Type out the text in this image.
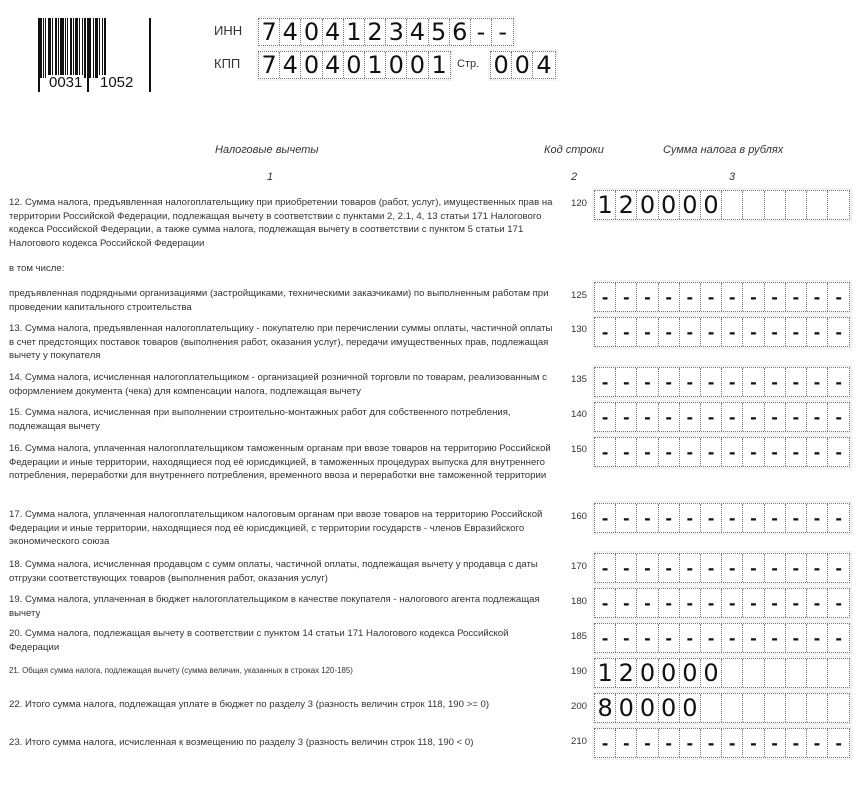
0031 1052
ИНН 7 4 0 4 1 2 3 4 5 6 - -
КПП 7 4 0 4 0 1 0 0 1 Стр. 0 0 4
Налоговые вычеты	Код строки	Сумма налога в рублях
1	2	3
в том числе:
12. Сумма налога, предъявленная налогоплательщику при приобретении товаров (работ, услуг), имущественных прав на территории Российской Федерации, подлежащая вычету в соответствии с пунктами 2, 2.1, 4, 13 статьи 171 Налогового кодекса Российской Федерации, а также сумма налога, подлежащая вычету в соответствии с пунктом 5 статьи 171 Налогового кодекса Российской Федерации
120 1 2 0 0 0 0
предъявленная подрядными организациями (застройщиками, техническими заказчиками) по выполненным работам при проведении капитального строительства
125 - - - - - - - - - - - -
13. Сумма налога, предъявленная налогоплательщику - покупателю при перечислении суммы оплаты, частичной оплаты в счет предстоящих поставок товаров (выполнения работ, оказания услуг), передачи имущественных прав, подлежащая вычету у покупателя
130 - - - - - - - - - - - -
14. Сумма налога, исчисленная налогоплательщиком - организацией розничной торговли по товарам, реализованным с оформлением документа (чека) для компенсации налога, подлежащая вычету
135 - - - - - - - - - - - -
15. Сумма налога, исчисленная при выполнении строительно-монтажных работ для собственного потребления, подлежащая вычету
140 - - - - - - - - - - - -
16. Сумма налога, уплаченная налогоплательщиком таможенным органам при ввозе товаров на территорию Российской Федерации и иные территории, находящиеся под её юрисдикцией, в таможенных процедурах выпуска для внутреннего потребления, переработки для внутреннего потребления, временного ввоза и переработки вне таможенной территории
150 - - - - - - - - - - - -
17. Сумма налога, уплаченная налогоплательщиком налоговым органам при ввозе товаров на территорию Российской Федерации и иные территории, находящиеся под её юрисдикцией, с территории государств - членов Евразийского экономического союза
160 - - - - - - - - - - - -
18. Сумма налога, исчисленная продавцом с сумм оплаты, частичной оплаты, подлежащая вычету у продавца с даты отгрузки соответствующих товаров (выполнения работ, оказания услуг)
170 - - - - - - - - - - - -
19. Сумма налога, уплаченная в бюджет налогоплательщиком в качестве покупателя - налогового агента подлежащая вычету
180 - - - - - - - - - - - -
20. Сумма налога, подлежащая вычету в соответствии с пунктом 14 статьи 171 Налогового кодекса Российской Федерации
185 - - - - - - - - - - - -
21. Общая сумма налога, подлежащая вычету (сумма величин, указанных в строках 120-185)	190 1 2 0 0 0 0
22. Итого сумма налога, подлежащая уплате в бюджет по разделу 3 (разность величин строк 118, 190 >= 0)	200 8 0 0 0 0
23. Итого сумма налога, исчисленная к возмещению по разделу 3 (разность величин строк 118, 190 < 0)	210 - - - - - - - - - - - -
